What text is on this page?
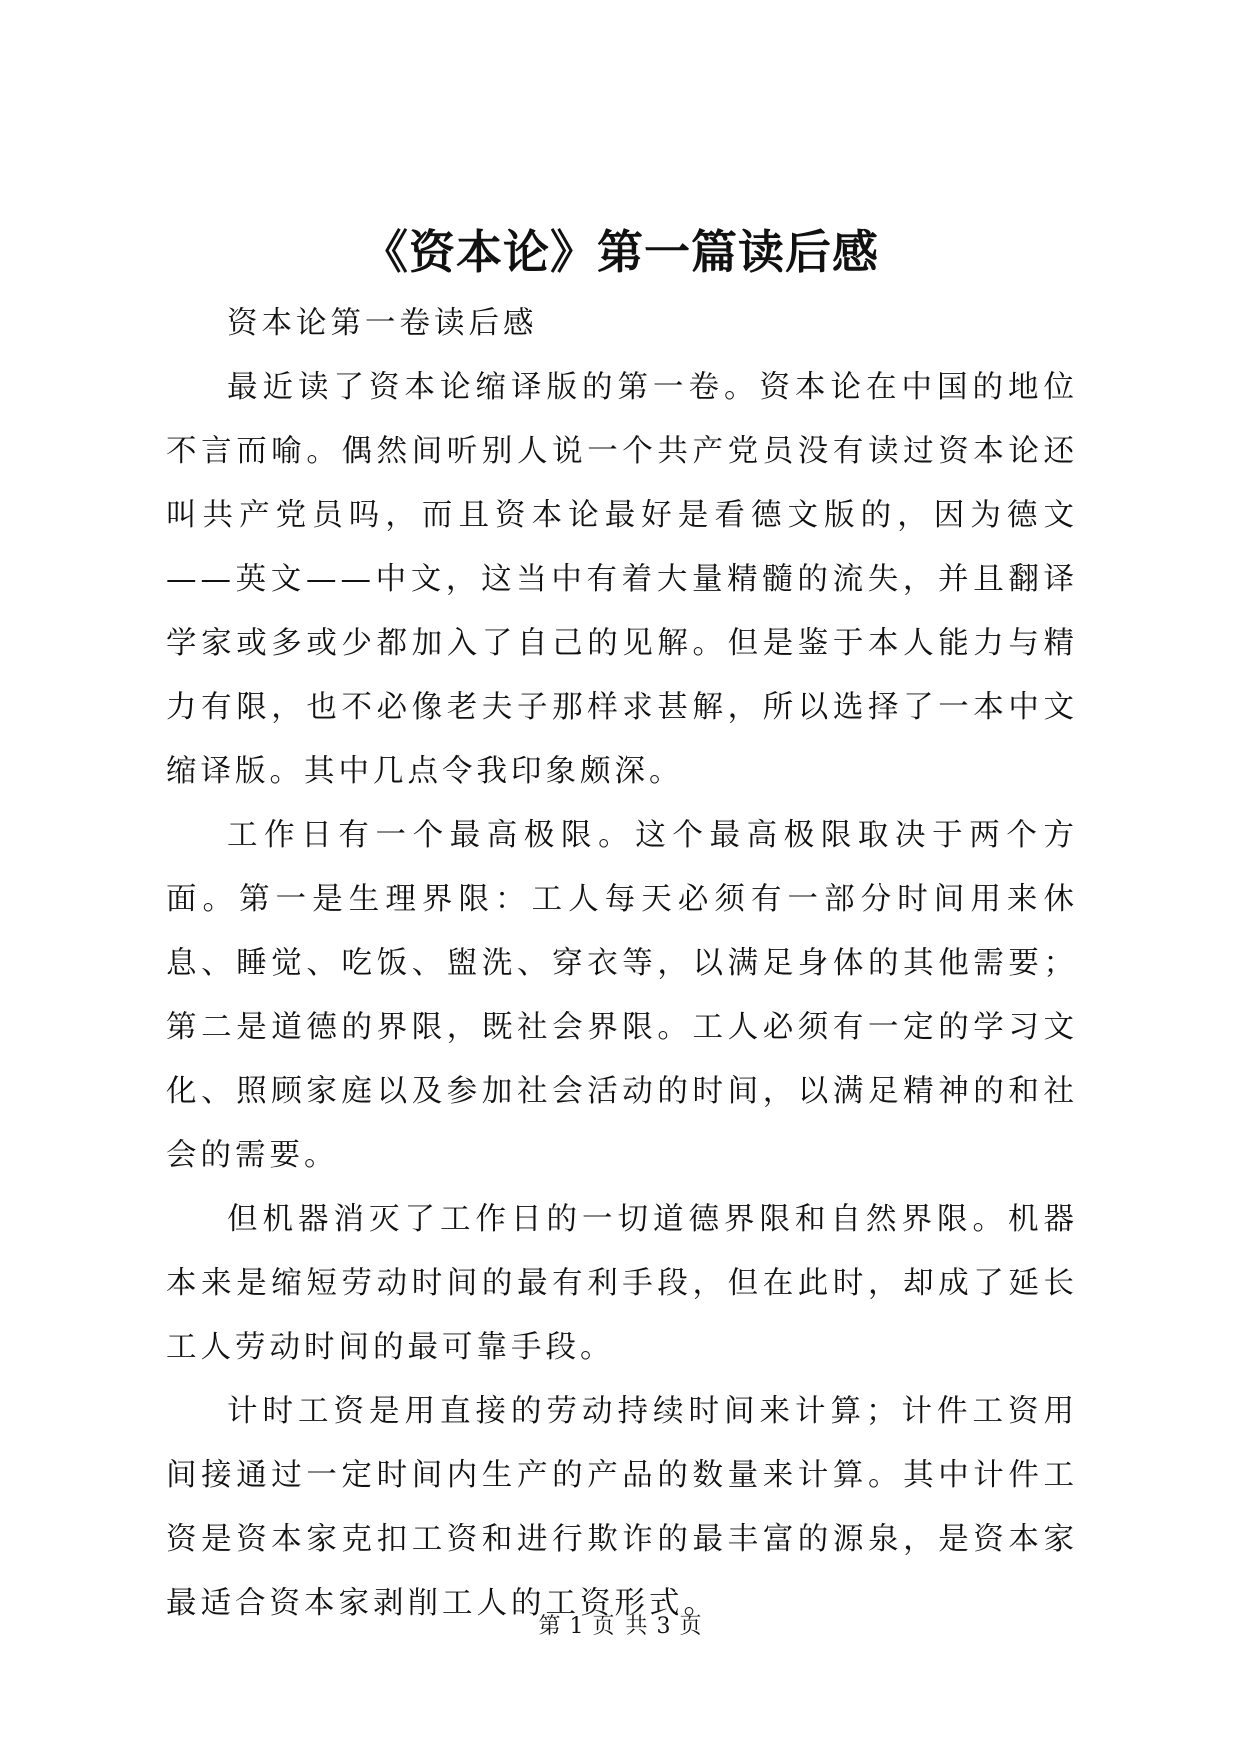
《资本论》第一篇读后感

资本论第一卷读后感

最近读了资本论缩译版的第一卷。资本论在中国的地位不言而喻。偶然间听别人说一个共产党员没有读过资本论还叫共产党员吗，而且资本论最好是看德文版的，因为德文——英文——中文，这当中有着大量精髓的流失，并且翻译学家或多或少都加入了自己的见解。但是鉴于本人能力与精力有限，也不必像老夫子那样求甚解，所以选择了一本中文缩译版。其中几点令我印象颇深。

工作日有一个最高极限。这个最高极限取决于两个方面。第一是生理界限：工人每天必须有一部分时间用来休息、睡觉、吃饭、盥洗、穿衣等，以满足身体的其他需要；第二是道德的界限，既社会界限。工人必须有一定的学习文化、照顾家庭以及参加社会活动的时间，以满足精神的和社会的需要。

但机器消灭了工作日的一切道德界限和自然界限。机器本来是缩短劳动时间的最有利手段，但在此时，却成了延长工人劳动时间的最可靠手段。

计时工资是用直接的劳动持续时间来计算；计件工资用间接通过一定时间内生产的产品的数量来计算。其中计件工资是资本家克扣工资和进行欺诈的最丰富的源泉，是资本家最适合资本家剥削工人的工资形式。

第 1 页 共 3 页
